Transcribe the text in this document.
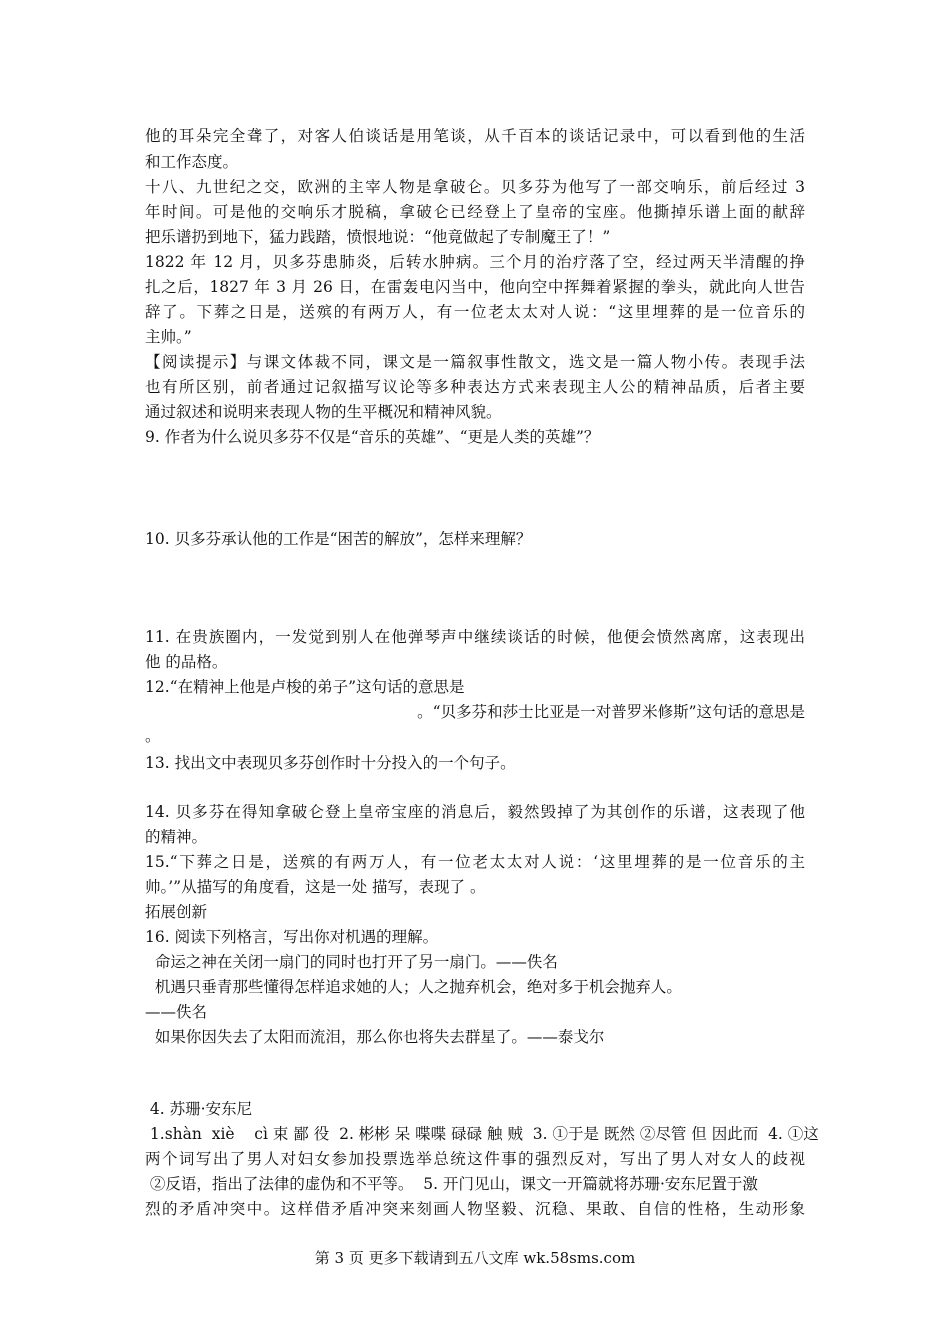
他的耳朵完全聋了，对客人伯谈话是用笔谈，从千百本的谈话记录中，可以看到他的生活
和工作态度。
十八、九世纪之交，欧洲的主宰人物是拿破仑。贝多芬为他写了一部交响乐，前后经过 3
年时间。可是他的交响乐才脱稿，拿破仑已经登上了皇帝的宝座。他撕掉乐谱上面的献辞
把乐谱扔到地下，猛力践踏，愤恨地说：“他竟做起了专制魔王了！”
1822 年 12 月，贝多芬患肺炎，后转水肿病。三个月的治疗落了空，经过两天半清醒的挣
扎之后，1827 年 3 月 26 日，在雷轰电闪当中，他向空中挥舞着紧握的拳头，就此向人世告
辞了。下葬之日是，送殡的有两万人，有一位老太太对人说：“这里埋葬的是一位音乐的
主帅。”
【阅读提示】与课文体裁不同，课文是一篇叙事性散文，选文是一篇人物小传。表现手法
也有所区别，前者通过记叙描写议论等多种表达方式来表现主人公的精神品质，后者主要
通过叙述和说明来表现人物的生平概况和精神风貌。
9. 作者为什么说贝多芬不仅是“音乐的英雄”、“更是人类的英雄”？
10. 贝多芬承认他的工作是“困苦的解放”，怎样来理解？
11. 在贵族圈内，一发觉到别人在他弹琴声中继续谈话的时候，他便会愤然离席，这表现出
他 的品格。
12.“在精神上他是卢梭的弟子”这句话的意思是
。“贝多芬和莎士比亚是一对普罗米修斯”这句话的意思是
。
13. 找出文中表现贝多芬创作时十分投入的一个句子。
14. 贝多芬在得知拿破仑登上皇帝宝座的消息后，毅然毁掉了为其创作的乐谱，这表现了他
的精神。
15.“下葬之日是，送殡的有两万人，有一位老太太对人说：‘这里埋葬的是一位音乐的主
帅。’”从描写的角度看，这是一处 描写，表现了 。
拓展创新
16. 阅读下列格言，写出你对机遇的理解。
命运之神在关闭一扇门的同时也打开了另一扇门。——佚名
机遇只垂青那些懂得怎样追求她的人；人之抛弃机会，绝对多于机会抛弃人。
——佚名
如果你因失去了太阳而流泪，那么你也将失去群星了。——泰戈尔
4. 苏珊·安东尼
1.shàn  xiè    cì 束 鄙 役  2. 彬彬 呆 喋喋 碌碌 触 贼  3. ①于是 既然 ②尽管 但 因此而  4. ①这
两个词写出了男人对妇女参加投票选举总统这件事的强烈反对，写出了男人对女人的歧视
②反语，指出了法律的虚伪和不平等。  5. 开门见山，课文一开篇就将苏珊·安东尼置于激
烈的矛盾冲突中。这样借矛盾冲突来刻画人物坚毅、沉稳、果敢、自信的性格，生动形象
第 3 页 更多下载请到五八文库 wk.58sms.com
